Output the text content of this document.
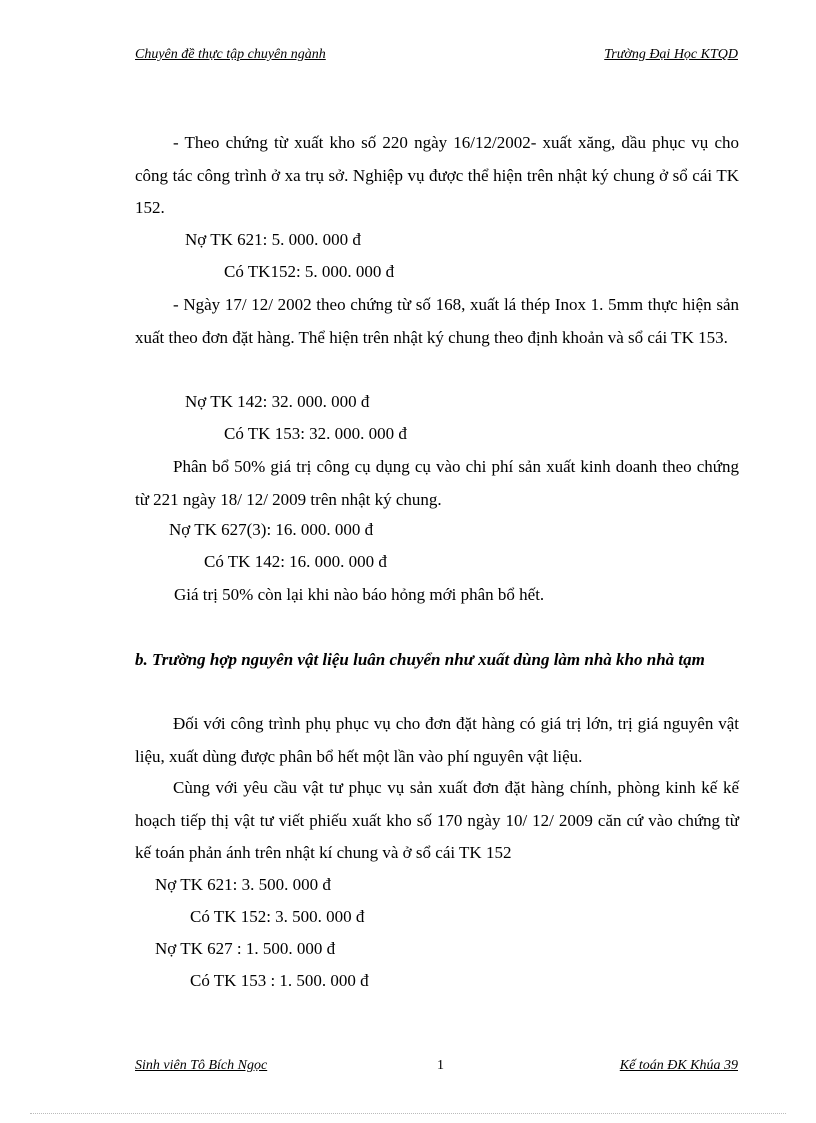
Chuyên đề thực tập chuyên ngành	Trường Đại Học KTQD

- Theo chứng từ xuất kho số 220 ngày 16/12/2002- xuất xăng, dầu phục vụ cho công tác công trình ở xa trụ sở. Nghiệp vụ được thể hiện trên nhật ký chung ở sổ cái TK 152.

Nợ TK 621: 5. 000. 000 đ
Có TK152: 5. 000. 000 đ

- Ngày 17/ 12/ 2002 theo chứng từ số 168, xuất lá thép Inox 1. 5mm thực hiện sản xuất theo đơn đặt hàng. Thể hiện trên nhật ký chung theo định khoản và sổ cái TK 153.

Nợ TK 142: 32. 000. 000 đ
Có TK 153: 32. 000. 000 đ

Phân bổ 50% giá trị công cụ dụng cụ vào chi phí sản xuất kinh doanh theo chứng từ 221 ngày 18/ 12/ 2009 trên nhật ký chung.

Nợ TK 627(3): 16. 000. 000 đ
Có TK 142: 16. 000. 000 đ
Giá trị 50% còn lại khi nào báo hỏng mới phân bổ hết.

b. Trường hợp nguyên vật liệu luân chuyển như xuất dùng làm nhà kho nhà tạm

Đối với công trình phụ phục vụ cho đơn đặt hàng có giá trị lớn, trị giá nguyên vật liệu, xuất dùng được phân bổ hết một lần vào phí nguyên vật liệu.

Cùng với yêu cầu vật tư phục vụ sản xuất đơn đặt hàng chính, phòng kinh kế kế hoạch tiếp thị vật tư viết phiếu xuất kho số 170 ngày 10/ 12/ 2009 căn cứ vào chứng từ kế toán phản ánh trên nhật kí chung và ở sổ cái TK 152

Nợ TK 621: 3. 500. 000 đ
Có TK 152: 3. 500. 000 đ
Nợ TK 627 : 1. 500. 000 đ
Có TK 153 : 1. 500. 000 đ
Sinh viên Tô Bích Ngọc	1	Kế toán ĐK Khúa 39
